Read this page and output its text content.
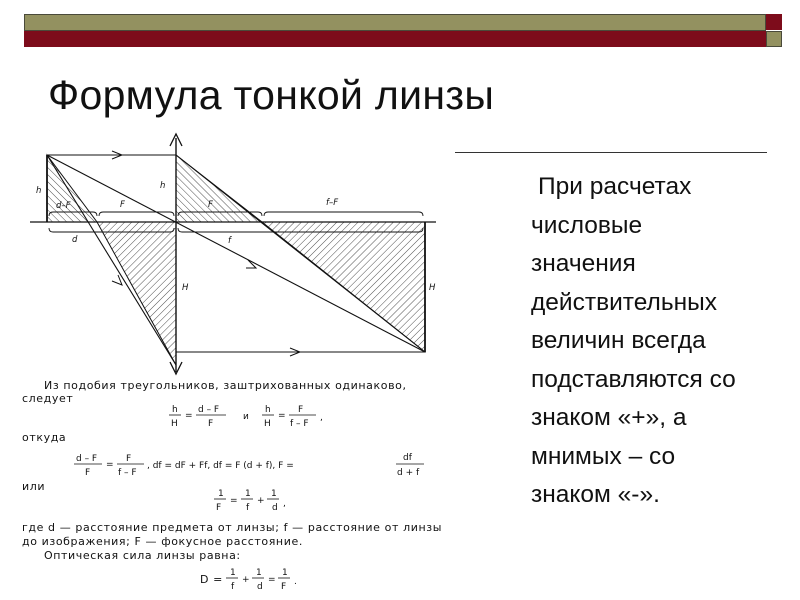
Формула тонкой линзы
При расчетах
числовые
значения
действительных
величин всегда
подставляются со
знаком «+», а
мнимых – со
знаком «-».
h	h
d–F	F
d
F
f
f–F
H	H
Из подобия треугольников, заштрихованных одинаково,
следует
h
H
=
d – F
F
и
h
H
=
F
f – F
,
откуда
d – F
F
=
F
f – F
, df = dF + Ff, df = F (d + f), F =
df
d + f
или
1
F
=
1
f
+
1
d ,
где d — расстояние предмета от линзы; f — расстояние от линзы
до изображения; F — фокусное расстояние.
Оптическая сила линзы равна:
D = 1
f
+
1
d
=
1
F .
